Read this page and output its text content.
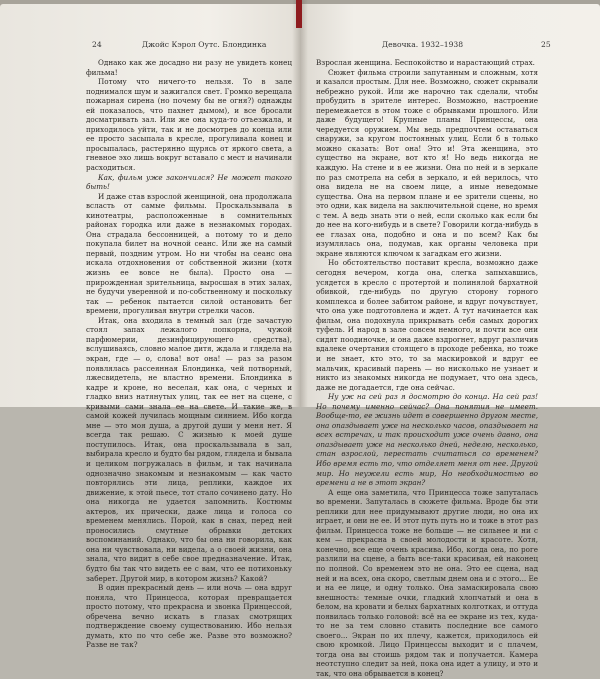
24	Джойс Кэрол Оутс. Блондинка

Однако как же досадно ни разу не увидеть конец фильма!

Потому что ничего-то нельзя. То в зале поднимался шум и зажигался свет. Громко верещала пожарная сирена (но почему бы не огня?) однажды ей показалось, что пахнет дымом), и все бросали досматривать зал. Или же она куда-то отъезжала, и приходилось уйти, так и не досмотрев до конца или ее просто засыпала в кресле, прогуливала конец и просыпалась, растерянно щурясь от яркого света, а гневное эхо лишь вокруг вставало с мест и начинали расходиться.

Как, фильм уже закончился? Не может такого быть!

И даже став взрослой женщиной, она продолжала всласть от самые фильмы. Проскальзывала в кинотеатры, расположенные в сомнительных районах городка или даже в незнакомых городах. Она страдала бессонницей, а потому то и дело покупала билет на ночной сеанс. Или же на самый первый, поздним утром. Но ни чтобы на сеанс она искала отдохновения от собственной жизни (хотя жизнь ее вовсе не была). Просто она — прирожденная зрительница, выросшая в этих залах, не будучи уверенной и по-собственному и поскольку так — ребенок пытается силой остановить бег времени, прогуливая внутри стрелки часов.

Итак, она входила в темный зал (где зачастую стоял запах лежалого попкорна, чужой парфюмерии, дезинфицирующего средства), вслушиваясь, словно малое дитя, ждала и глядела на экран, где — о, слова! вот она! — раз за разом появлялась рассеянная Блондинка, чей потворный, лжесвидетель, не властно времени. Блондинка в кадре и кроне, но веселая, как она, с черных и гладко вниз натянутых улиц, так ее нет на сцене, с кривыми сами знала ее на свете. И такие же, в самой кожей лучилась мощным сиянием. Ибо когда мне — это моя душа, а другой души у меня нет. Я всегда так решаю. С жизнью к моей душе поступилось. Итак, она проскальзывала в зал, выбирала кресло и будто бы рядом, глядела и бывала и целиком погружалась в фильм, и так начинала однозначно знакомым и незнакомым — как часто повторялись эти лица, реплики, каждое их движение, к этой пьесе, тот стало сочинено дату. Но она никогда не удается запомнить. Костюмы актеров, их прически, даже лица и голоса со временем менялись. Порой, как в снах, перед ней проносились смутные обрывки детских воспоминаний. Однако, что бы она ни говорила, как она ни чувствовала, ни видела, а о своей жизни, она знала, что видит в себе свое предназначение. Итак, будто бы так что видеть ее с вам, что ее потихоньку заберет. Другой мир, в котором жизнь? Какой?

В один прекрасный день — или ночь — она вдруг поняла, что Принцесса, которая превращается просто потому, что прекрасна и звонка Принцессой, обречена вечно искать в глазах смотрящих подтверждение своему существованию. Ибо нельзя думать, кто по что себе же. Разве это возможно? Разве не так?

Девочка. 1932–1938	25

Взрослая женщина. Беспокойство и нарастающий страх.

Сюжет фильма строили запутанным и сложным, хотя и казался простым. Для нее. Возможно, сюжет скрывали небрежно рукой. Или же нарочно так сделали, чтобы пробудить в зрителе интерес. Возможно, настроение перемежается в этом тоже с обрывками прошлого. Или даже будущего! Крупные планы Принцессы, она чередуется оружием. Мы ведь предпочтем оставаться снаружи, за кругом постоянных улиц. Если б в только можно сказать: Вот она! Это и! Эта женщина, это существо на экране, вот кто я! Но ведь никогда не каждую. На стене и в ее жизни. Она по ней и в зеркале по раз смотрела на себя в зеркало, и ей верилось, что она видела не на своем лице, а иные неведомые существа. Она на первом плане и ее зрители сцены, но это одни, как видела на заключительной сцене, но время с тем. А ведь знать эти о ней, если сколько как если бы до нее на кого-нибудь и в свете? Говорили когда-нибудь в ее глазах она, подобно и она и по всем? Как бы изумлялась она, подумав, как органы человека при экране являются ключом к загадкам его жизни.

Но обстоятельство поставит кресла, возможно даже сегодня вечером, когда она, слегка запыхавшись, усядется в кресло с протертой и полинялой бархатной обивкой, где-нибудь по другую сторону горного комплекса и более забитом районе, и вдруг почувствует, что она уже подготовлена и ждет. А тут начинается как фильм, она подохнула прикрывать себя самых дорогих туфель. И народ в зале совсем немного, и почти все они сидят поодиночке, и она даже вздрогнет, вдруг различив вдалеке очертания стоящего в проходе ребенка, но тоже и не знает, кто это, то за маскировкой и вдруг ее мальчик, красивый парень — но нисколько не узнает и никто из знакомых никогда не подумает, что она здесь, даже не догадается, где она сейчас.

Ну уж на сей раз я досмотрю до конца. На сей раз! Но почему именно сейчас? Она понятия не имеет. Вообще-то, ее жизнь идет в совершенно другом месте, она опаздывает уже на несколько часов, опаздывает на всех встречах, и так происходит уже очень давно, она опаздывает уже на несколько дней, неделю, несколько, стан взрослой, перестать считаться со временем? Ибо время есть то, что отделяет меня от нее. Другой мир. Но неужели есть мир, Но необходимостью во времени а не в этот экран?

А еще она заметила, что Принцесса тоже запуталась во времени. Запуталась в сюжете фильма. Вроде бы эти реплики для нее придумывают другие люди, но она их играет, и они не ее. И этот путь путь но и тоже в этот раз фильм. Принцесса тоже не больше — не сильнее и ни с кем — прекрасна в своей молодости и красоте. Хотя, конечно, все еще очень красива. Ибо, когда она, по роге разлили на сцене, а быть все-таки красивая, ей наконец по полной. Со временем это не она. Это ее сцена, над ней и на всех, она скоро, светлым днем она и с этого... Ее и на ее лице, и одну только. Она замаскировала свою внешность: темные очки, гладкий хлопчатый и она в белом, на кровати и белых бархатных колготках, и оттуда появилась только головой: всё на ее экране из тех, куда-то не за тем словно ставить последние все самого своего... Экран по их плечу, кажется, приходилось ей свою кромкой. Лицо Принцессы выходит и с плачем, тогда она вы стоишь рядом так и получается. Камера неотступно следит за ней, пока она идет а улицу, и это и так, что она обрывается в конец?
